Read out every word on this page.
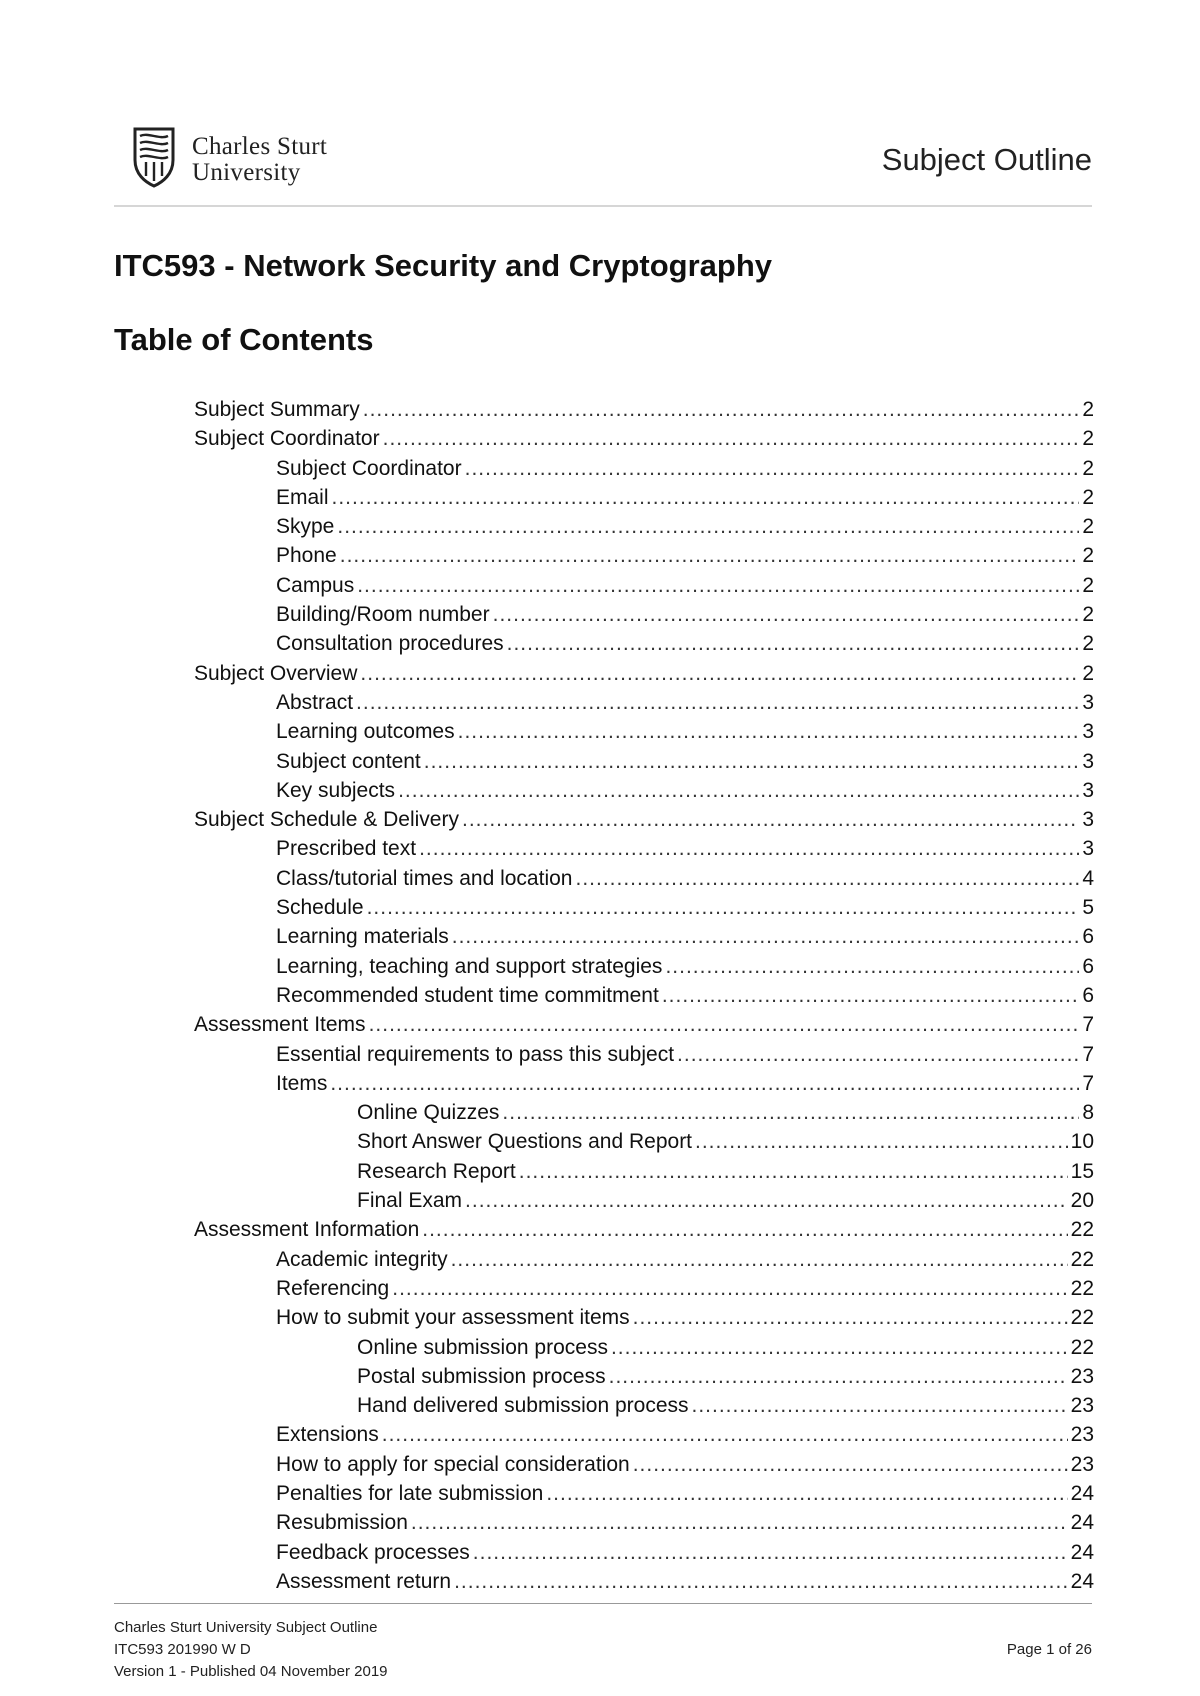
Charles Sturt
University	Subject Outline
ITC593 - Network Security and Cryptography
Table of Contents
Subject Summary .....	2
Subject Coordinator .....	2
Subject Coordinator .....	2
Email .....	2
Skype .....	2
Phone .....	2
Campus .....	2
Building/Room number .....	2
Consultation procedures .....	2
Subject Overview .....	2
Abstract .....	3
Learning outcomes .....	3
Subject content .....	3
Key subjects .....	3
Subject Schedule & Delivery .....	3
Prescribed text .....	3
Class/tutorial times and location .....	4
Schedule .....	5
Learning materials .....	6
Learning, teaching and support strategies .....	6
Recommended student time commitment .....	6
Assessment Items .....	7
Essential requirements to pass this subject .....	7
Items .....	7
Online Quizzes .....	8
Short Answer Questions and Report .....	10
Research Report .....	15
Final Exam .....	20
Assessment Information .....	22
Academic integrity .....	22
Referencing .....	22
How to submit your assessment items .....	22
Online submission process .....	22
Postal submission process .....	23
Hand delivered submission process .....	23
Extensions .....	23
How to apply for special consideration .....	23
Penalties for late submission .....	24
Resubmission .....	24
Feedback processes .....	24
Assessment return .....	24
Charles Sturt University Subject Outline
ITC593 201990 W D
Version 1 - Published 04 November 2019
Page 1 of 26
